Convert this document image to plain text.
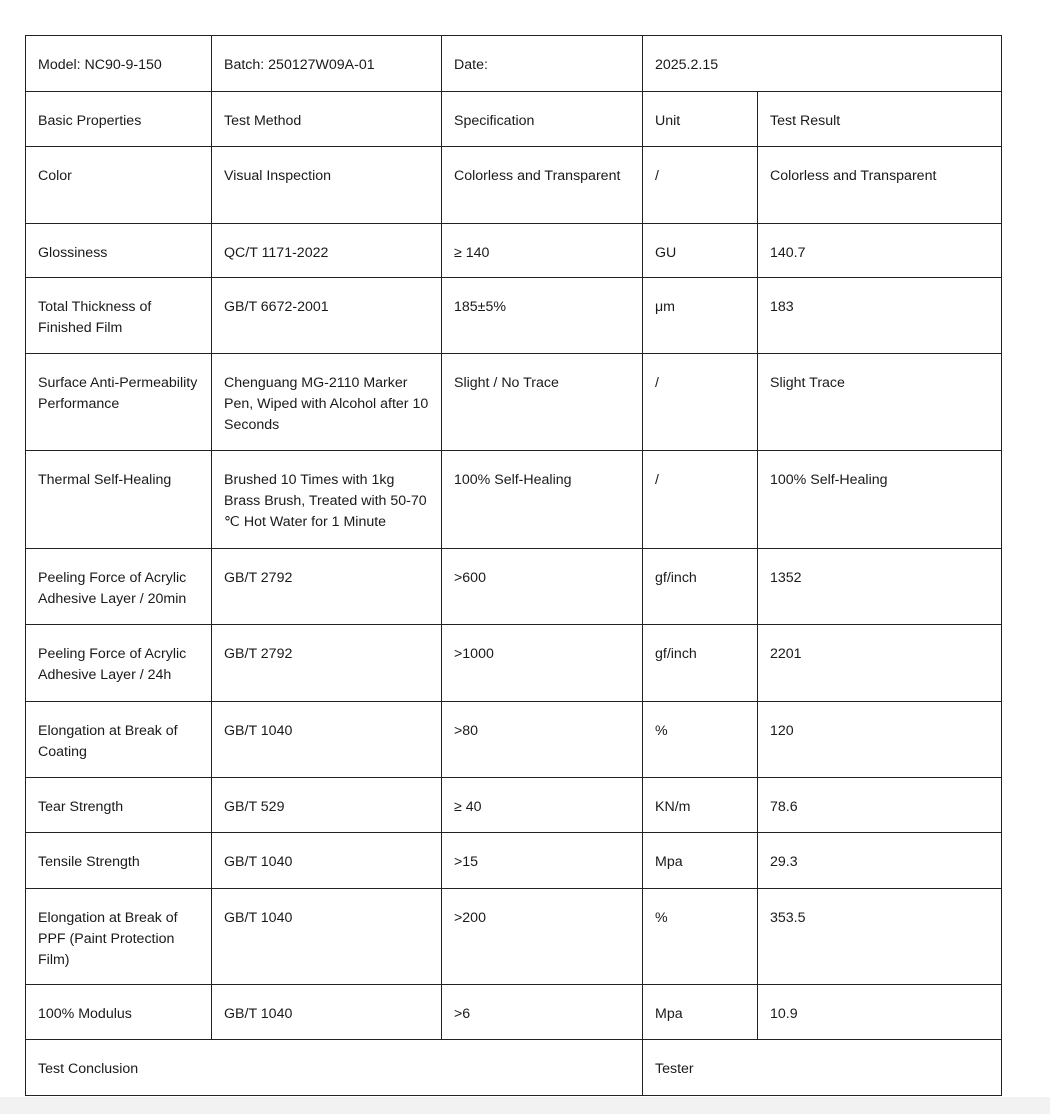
Model: NC90-9-150	Batch: 250127W09A-01	Date:	2025.2.15	
Basic Properties	Test Method	Specification	Unit	Test Result
Color	Visual Inspection	Colorless and Transparent	/	Colorless and Transparent
Glossiness	QC/T 1171-2022	≥ 140	GU	140.7
Total Thickness of Finished Film	GB/T 6672-2001	185±5%	μm	183
Surface Anti-Permeability Performance	Chenguang MG-2110 Marker Pen, Wiped with Alcohol after 10 Seconds	Slight / No Trace	/	Slight Trace
Thermal Self-Healing	Brushed 10 Times with 1kg Brass Brush, Treated with 50-70 ℃ Hot Water for 1 Minute	100% Self-Healing	/	100% Self-Healing
Peeling Force of Acrylic Adhesive Layer / 20min	GB/T 2792	>600	gf/inch	1352
Peeling Force of Acrylic Adhesive Layer / 24h	GB/T 2792	>1000	gf/inch	2201
Elongation at Break of Coating	GB/T 1040	>80	%	120
Tear Strength	GB/T 529	≥ 40	KN/m	78.6
Tensile Strength	GB/T 1040	>15	Mpa	29.3
Elongation at Break of PPF (Paint Protection Film)	GB/T 1040	>200	%	353.5
100% Modulus	GB/T 1040	>6	Mpa	10.9
Test Conclusion			Tester	
